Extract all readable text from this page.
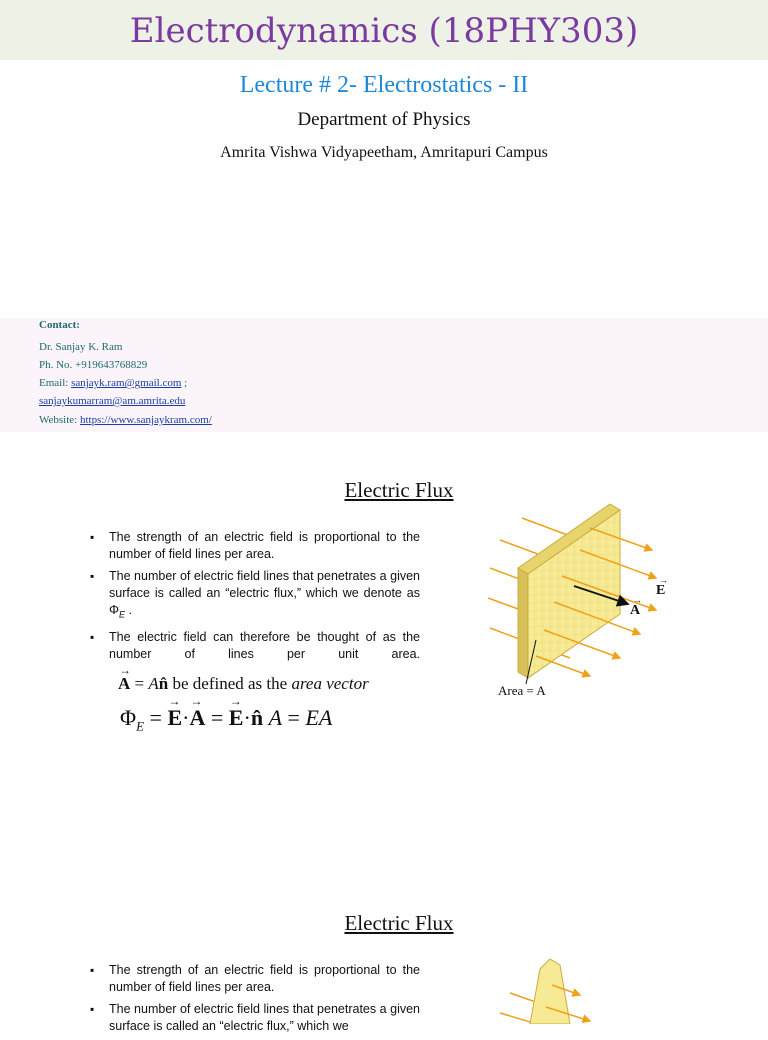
Electrodynamics (18PHY303)
Lecture # 2- Electrostatics - II
Department of Physics
Amrita Vishwa Vidyapeetham, Amritapuri Campus
Contact:
Dr. Sanjay K. Ram
Ph. No. +919643768829
Email: sanjayk.ram@gmail.com ;
sanjaykumarram@am.amrita.edu
Website: https://www.sanjaykram.com/
Electric Flux
▪ The strength of an electric field is proportional to the number of field lines per area.
▪ The number of electric field lines that penetrates a given surface is called an “electric flux,” which we denote as $\Phi_E$ .
▪ The electric field can therefore be thought of as the number of lines per unit area.
→ A = An̂ be defined as the area vector
$\Phi_E$ = → E·→ A = → E·n̂ A = EA
E
→
A
→
Area = A
Electric Flux
▪ The strength of an electric field is proportional to the number of field lines per area.
▪ The number of electric field lines that penetrates a given surface is called an “electric flux,” which we
